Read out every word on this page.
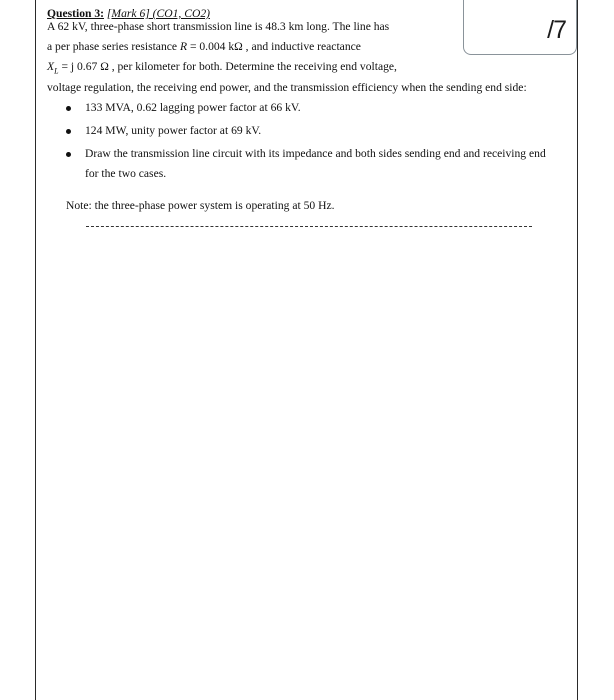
/7
Question 3: [Mark 6] (CO1, CO2)
A 62 kV, three-phase short transmission line is 48.3 km long. The line has
a per phase series resistance R = 0.004 kΩ , and inductive reactance
$X_L = j$ 0.67 Ω , per kilometer for both. Determine the receiving end voltage,
voltage regulation, the receiving end power, and the transmission efficiency when the sending end side:
133 MVA, 0.62 lagging power factor at 66 kV.
124 MW, unity power factor at 69 kV.
Draw the transmission line circuit with its impedance and both sides sending end and receiving end
for the two cases.
Note: the three-phase power system is operating at 50 Hz.
